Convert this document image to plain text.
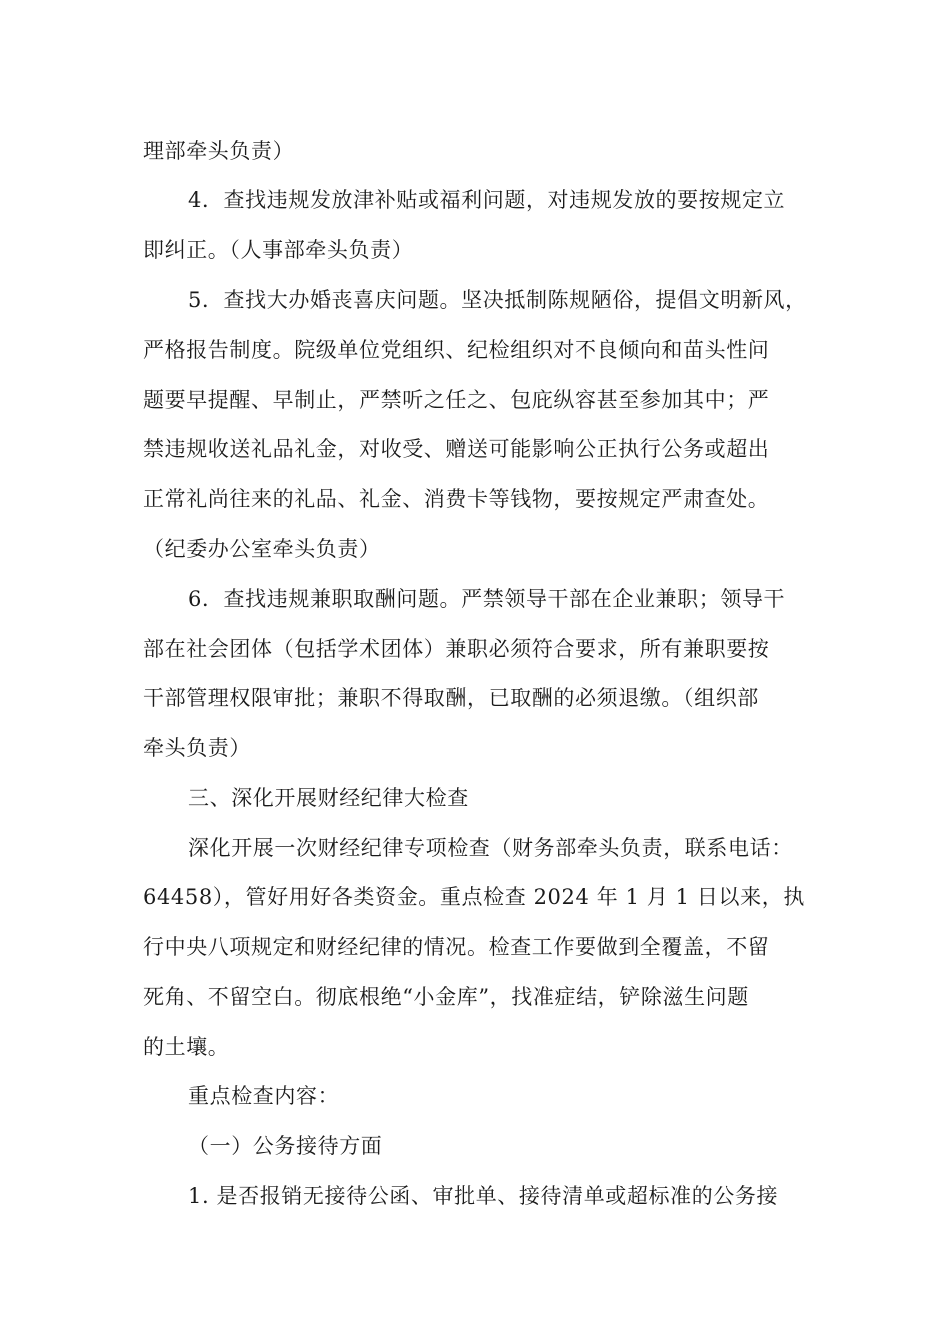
理部牵头负责）
4．查找违规发放津补贴或福利问题，对违规发放的要按规定立
即纠正。（人事部牵头负责）
5．查找大办婚丧喜庆问题。坚决抵制陈规陋俗，提倡文明新风，
严格报告制度。院级单位党组织、纪检组织对不良倾向和苗头性问
题要早提醒、早制止，严禁听之任之、包庇纵容甚至参加其中；严
禁违规收送礼品礼金，对收受、赠送可能影响公正执行公务或超出
正常礼尚往来的礼品、礼金、消费卡等钱物，要按规定严肃查处。
（纪委办公室牵头负责）
6．查找违规兼职取酬问题。严禁领导干部在企业兼职；领导干
部在社会团体（包括学术团体）兼职必须符合要求，所有兼职要按
干部管理权限审批；兼职不得取酬，已取酬的必须退缴。（组织部
牵头负责）
三、深化开展财经纪律大检查
深化开展一次财经纪律专项检查（财务部牵头负责，联系电话：
64458），管好用好各类资金。重点检查 2024 年 1 月 1 日以来，执
行中央八项规定和财经纪律的情况。检查工作要做到全覆盖，不留
死角、不留空白。彻底根绝“小金库”，找准症结，铲除滋生问题
的土壤。
重点检查内容：
（一）公务接待方面
1. 是否报销无接待公函、审批单、接待清单或超标准的公务接
